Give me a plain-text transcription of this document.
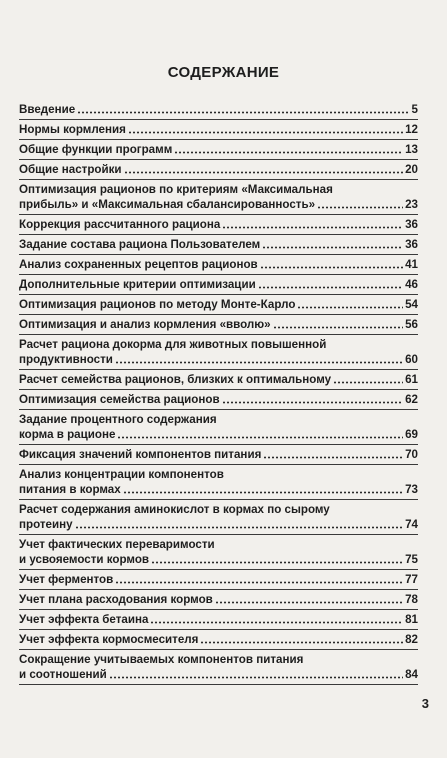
СОДЕРЖАНИЕ
Введение	5
Нормы кормления	12
Общие функции программ	13
Общие настройки	20
Оптимизация рационов по критериям «Максимальная
прибыль» и «Максимальная сбалансированность»	23
Коррекция рассчитанного рациона	36
Задание состава рациона Пользователем	36
Анализ сохраненных рецептов рационов	41
Дополнительные критерии оптимизации	46
Оптимизация рационов по методу Монте-Карло	54
Оптимизация и анализ кормления «вволю»	56
Расчет рациона докорма для животных повышенной
продуктивности	60
Расчет семейства рационов, близких к оптимальному	61
Оптимизация семейства рационов	62
Задание процентного содержания
корма в рационе	69
Фиксация значений компонентов питания	70
Анализ концентрации компонентов
питания в кормах	73
Расчет содержания аминокислот в кормах по сырому
протеину	74
Учет фактических переваримости
и усвояемости кормов	75
Учет ферментов	77
Учет плана расходования кормов	78
Учет эффекта бетаина	81
Учет эффекта кормосмесителя	82
Сокращение учитываемых компонентов питания
и соотношений	84
3
